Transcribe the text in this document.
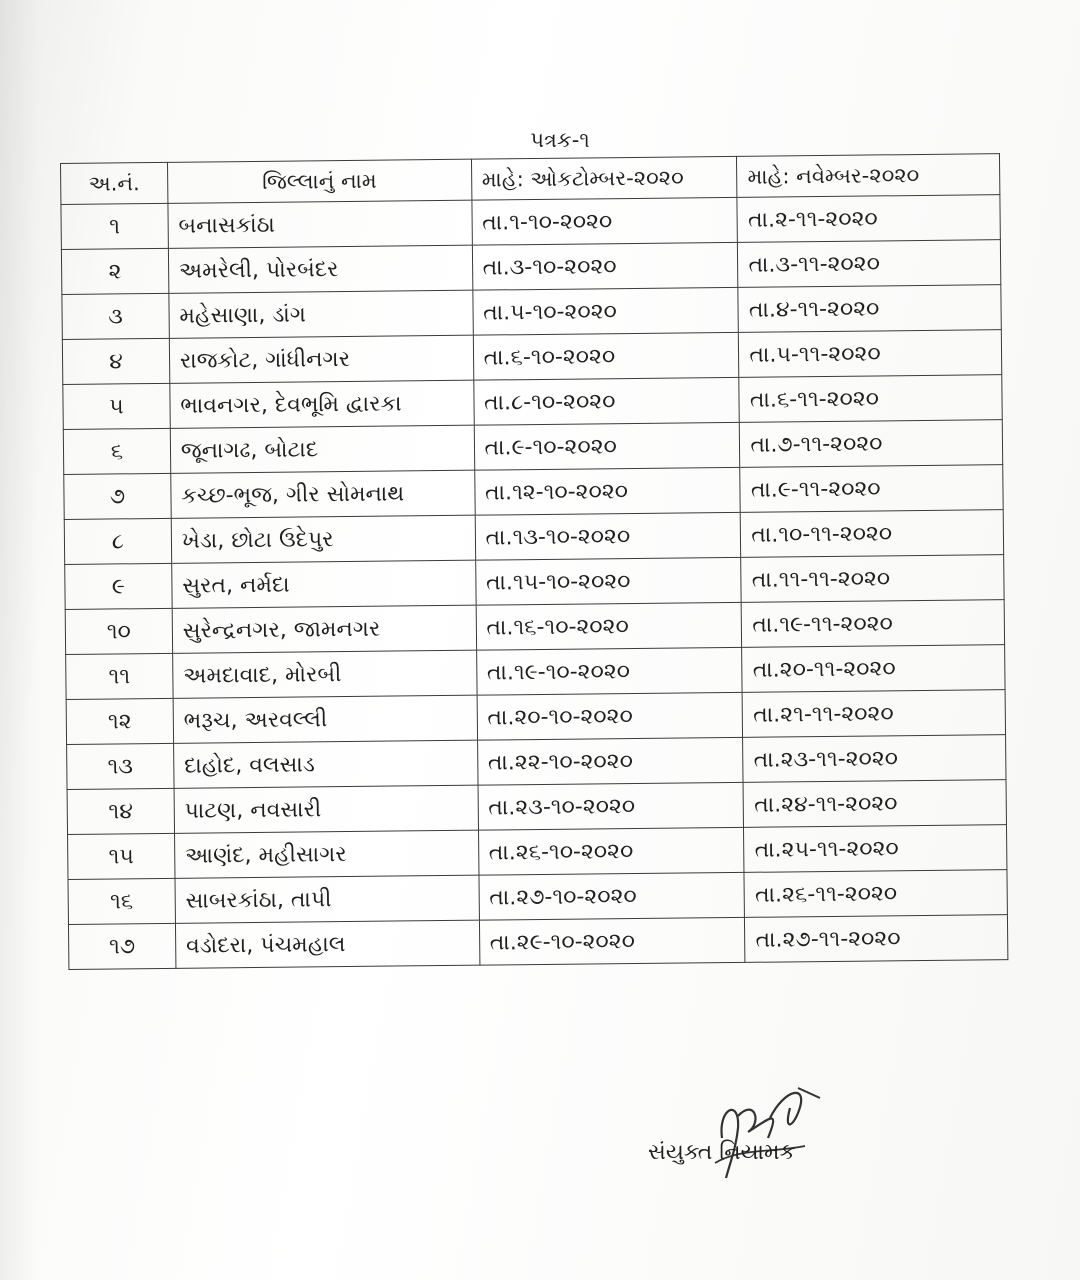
પત્રક-૧
અ.નં.	જિલ્લાનું નામ	માહે: ઓકટોમ્બર-૨૦૨૦	માહે: નવેમ્બર-૨૦૨૦
૧	બનાસકાંઠા	તા.૧-૧૦-૨૦૨૦	તા.૨-૧૧-૨૦૨૦
૨	અમરેલી, પોરબંદર	તા.૩-૧૦-૨૦૨૦	તા.૩-૧૧-૨૦૨૦
૩	મહેસાણા, ડાંગ	તા.૫-૧૦-૨૦૨૦	તા.૪-૧૧-૨૦૨૦
૪	રાજકોટ, ગાંધીનગર	તા.૬-૧૦-૨૦૨૦	તા.૫-૧૧-૨૦૨૦
૫	ભાવનગર, દેવભૂમિ દ્વારકા	તા.૮-૧૦-૨૦૨૦	તા.૬-૧૧-૨૦૨૦
૬	જૂનાગઢ, બોટાદ	તા.૯-૧૦-૨૦૨૦	તા.૭-૧૧-૨૦૨૦
૭	કચ્છ-ભૂજ, ગીર સોમનાથ	તા.૧૨-૧૦-૨૦૨૦	તા.૯-૧૧-૨૦૨૦
૮	ખેડા, છોટા ઉદેપુર	તા.૧૩-૧૦-૨૦૨૦	તા.૧૦-૧૧-૨૦૨૦
૯	સુરત, નર્મદા	તા.૧૫-૧૦-૨૦૨૦	તા.૧૧-૧૧-૨૦૨૦
૧૦	સુરેન્દ્રનગર, જામનગર	તા.૧૬-૧૦-૨૦૨૦	તા.૧૯-૧૧-૨૦૨૦
૧૧	અમદાવાદ, મોરબી	તા.૧૯-૧૦-૨૦૨૦	તા.૨૦-૧૧-૨૦૨૦
૧૨	ભરૂચ, અરવલ્લી	તા.૨૦-૧૦-૨૦૨૦	તા.૨૧-૧૧-૨૦૨૦
૧૩	દાહોદ, વલસાડ	તા.૨૨-૧૦-૨૦૨૦	તા.૨૩-૧૧-૨૦૨૦
૧૪	પાટણ, નવસારી	તા.૨૩-૧૦-૨૦૨૦	તા.૨૪-૧૧-૨૦૨૦
૧૫	આણંદ, મહીસાગર	તા.૨૬-૧૦-૨૦૨૦	તા.૨૫-૧૧-૨૦૨૦
૧૬	સાબરકાંઠા, તાપી	તા.૨૭-૧૦-૨૦૨૦	તા.૨૬-૧૧-૨૦૨૦
૧૭	વડોદરા, પંચમહાલ	તા.૨૯-૧૦-૨૦૨૦	તા.૨૭-૧૧-૨૦૨૦
સંયુક્ત નિયામક
